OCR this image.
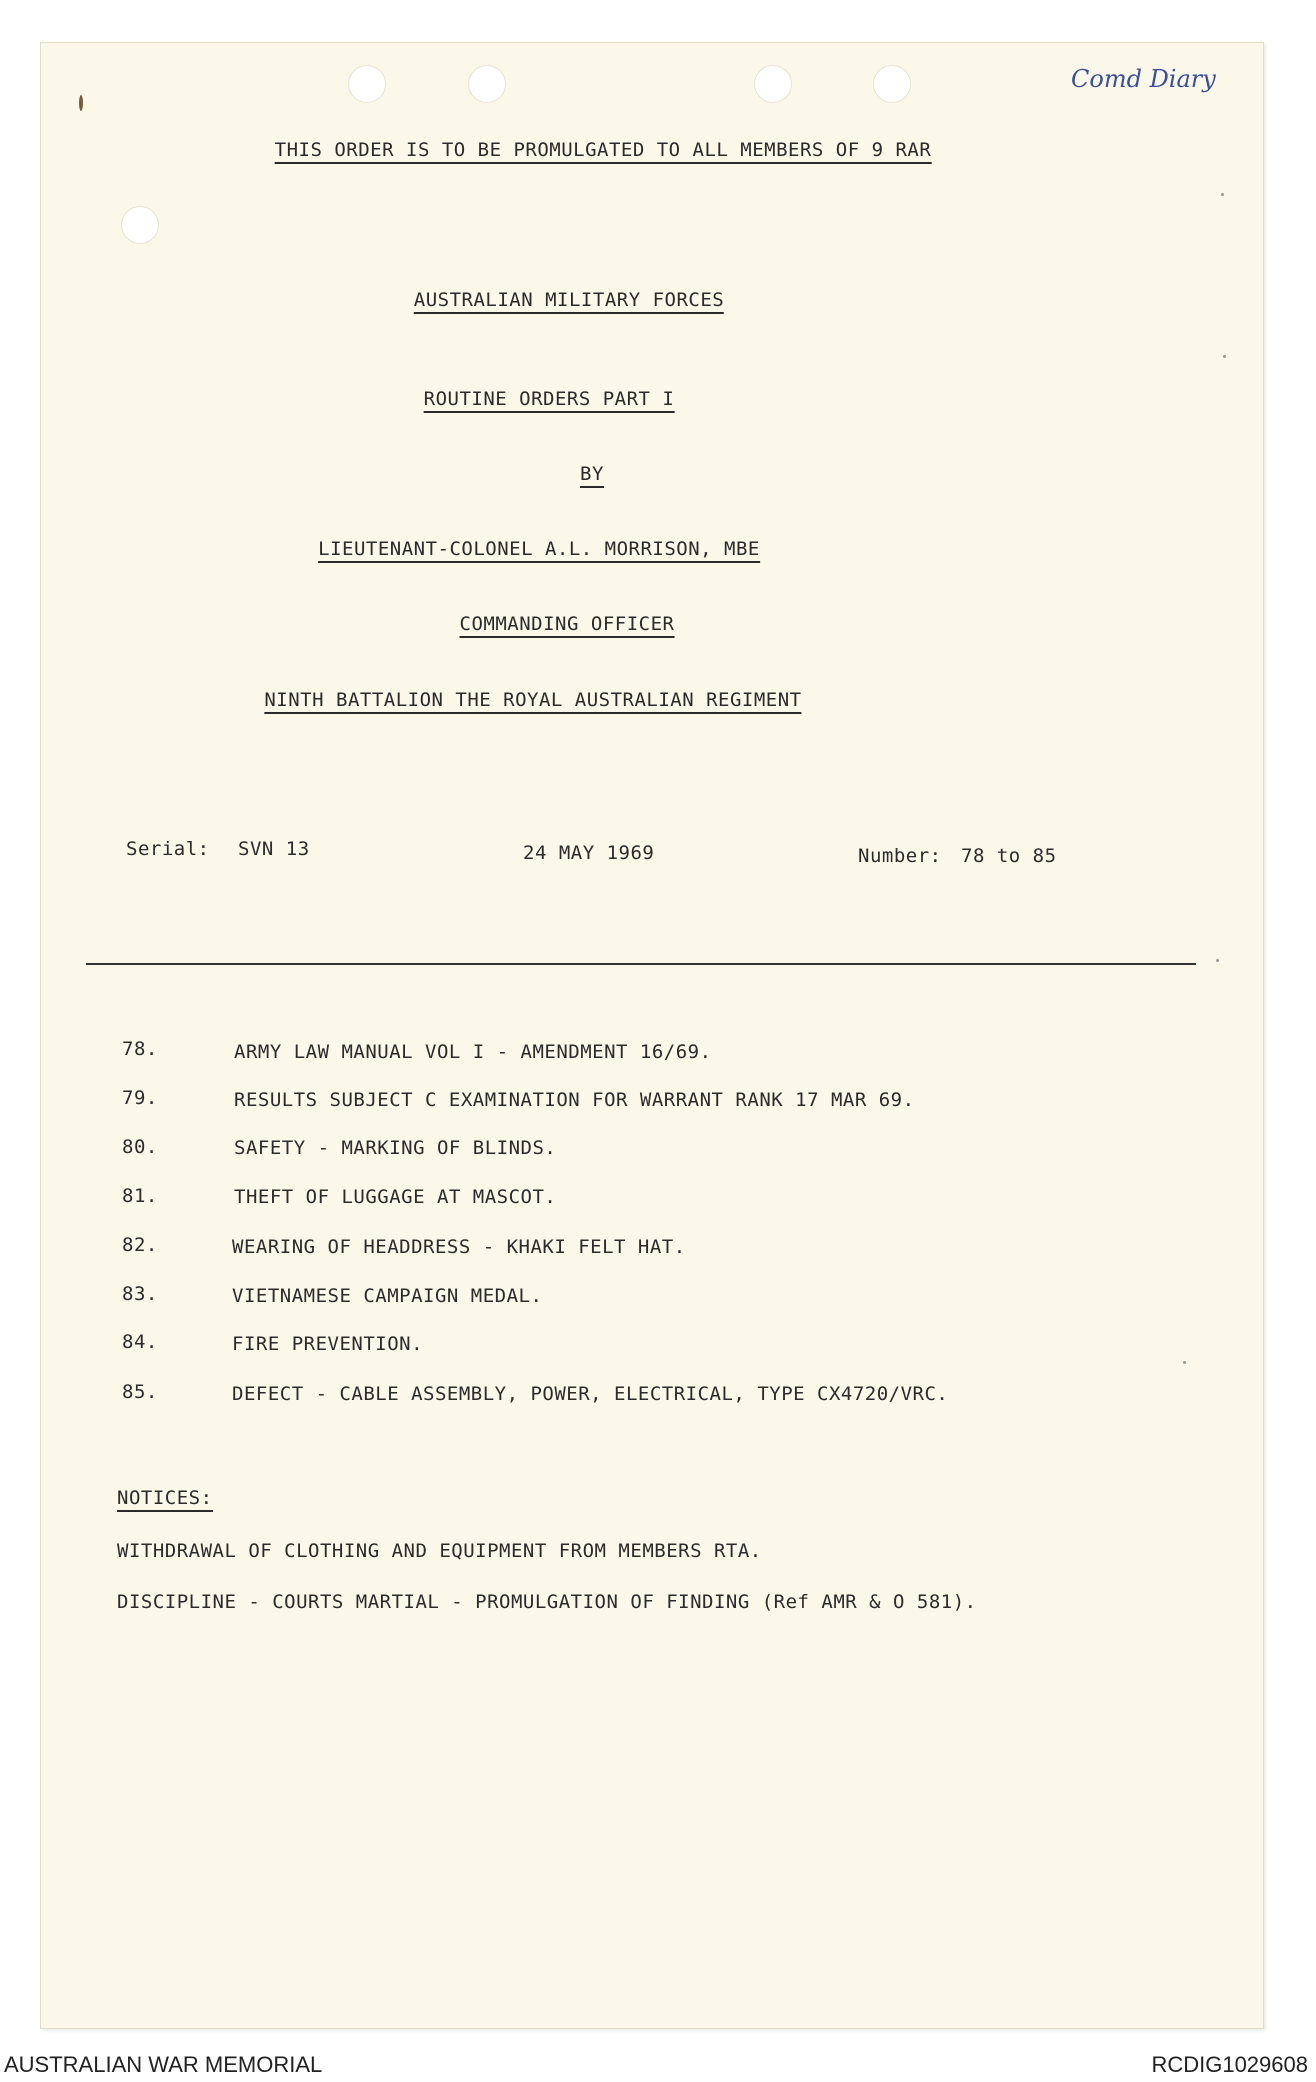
Comd Diary
THIS ORDER IS TO BE PROMULGATED TO ALL MEMBERS OF 9 RAR
AUSTRALIAN MILITARY FORCES
ROUTINE ORDERS PART I
BY
LIEUTENANT-COLONEL A.L. MORRISON, MBE
COMMANDING OFFICER
NINTH BATTALION THE ROYAL AUSTRALIAN REGIMENT
Serial: SVN 13	24 MAY 1969	Number: 78 to 85
78.	ARMY LAW MANUAL VOL I - AMENDMENT 16/69.
79.	RESULTS SUBJECT C EXAMINATION FOR WARRANT RANK 17 MAR 69.
80.	SAFETY - MARKING OF BLINDS.
81.	THEFT OF LUGGAGE AT MASCOT.
82.	WEARING OF HEADDRESS - KHAKI FELT HAT.
83.	VIETNAMESE CAMPAIGN MEDAL.
84.	FIRE PREVENTION.
85.	DEFECT - CABLE ASSEMBLY, POWER, ELECTRICAL, TYPE CX4720/VRC.
NOTICES:
WITHDRAWAL OF CLOTHING AND EQUIPMENT FROM MEMBERS RTA.
DISCIPLINE - COURTS MARTIAL - PROMULGATION OF FINDING (Ref AMR & O 581).
AUSTRALIAN WAR MEMORIAL	RCDIG1029608
